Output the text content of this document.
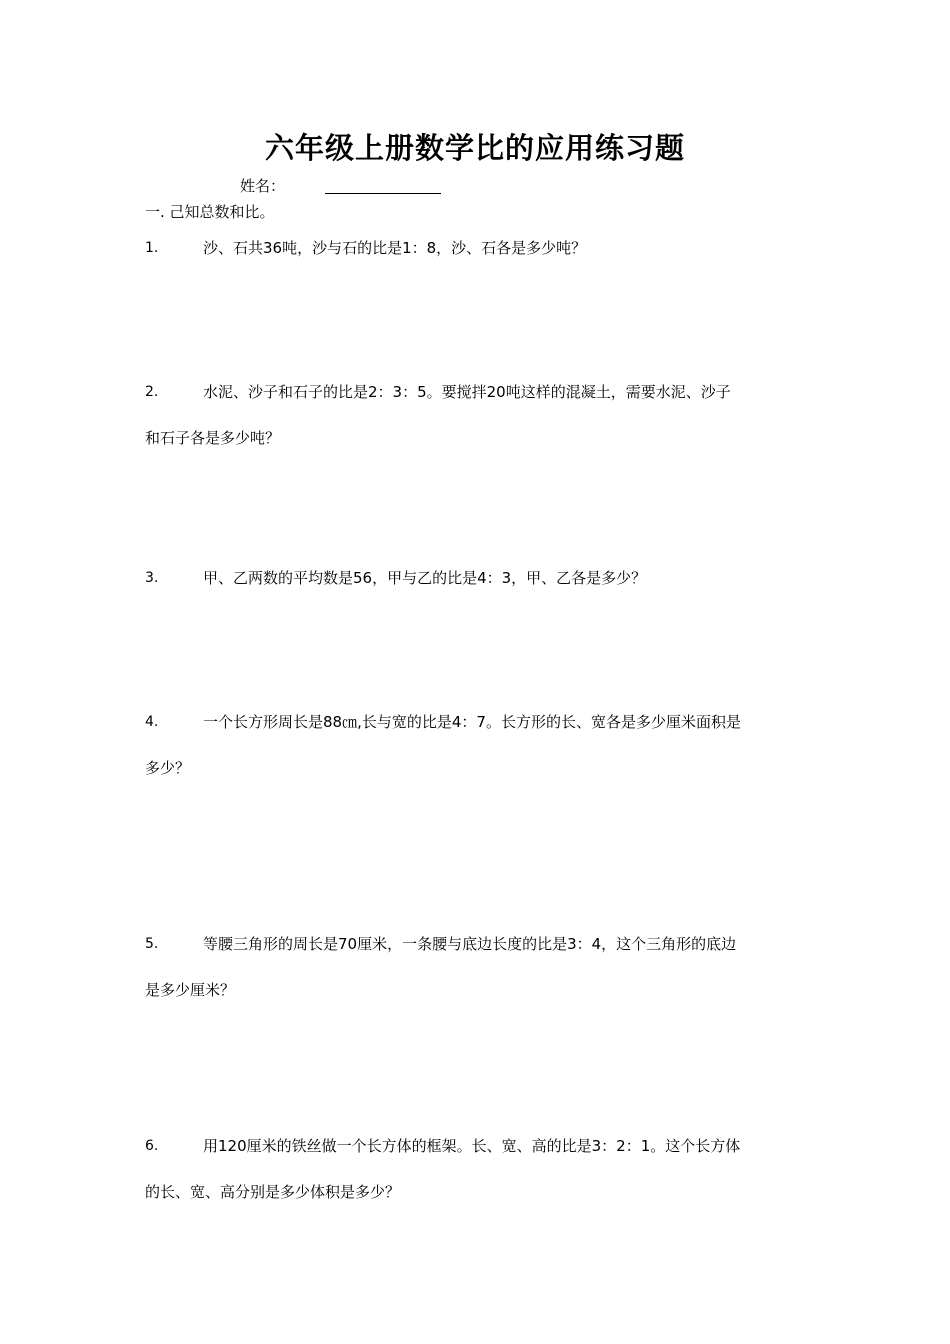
六年级上册数学比的应用练习题
姓名：
一. 己知总数和比。
1.	沙、石共36吨，沙与石的比是1：8，沙、石各是多少吨？
2.	水泥、沙子和石子的比是2：3：5。要搅拌20吨这样的混凝土，需要水泥、沙子
和石子各是多少吨？
3.	甲、乙两数的平均数是56，甲与乙的比是4：3，甲、乙各是多少？
4.	一个长方形周长是88㎝,长与宽的比是4：7。长方形的长、宽各是多少厘米面积是
多少？
5.	等腰三角形的周长是70厘米，一条腰与底边长度的比是3：4，这个三角形的底边
是多少厘米？
6.	用120厘米的铁丝做一个长方体的框架。长、宽、高的比是3：2：1。这个长方体
的长、宽、高分别是多少体积是多少？
